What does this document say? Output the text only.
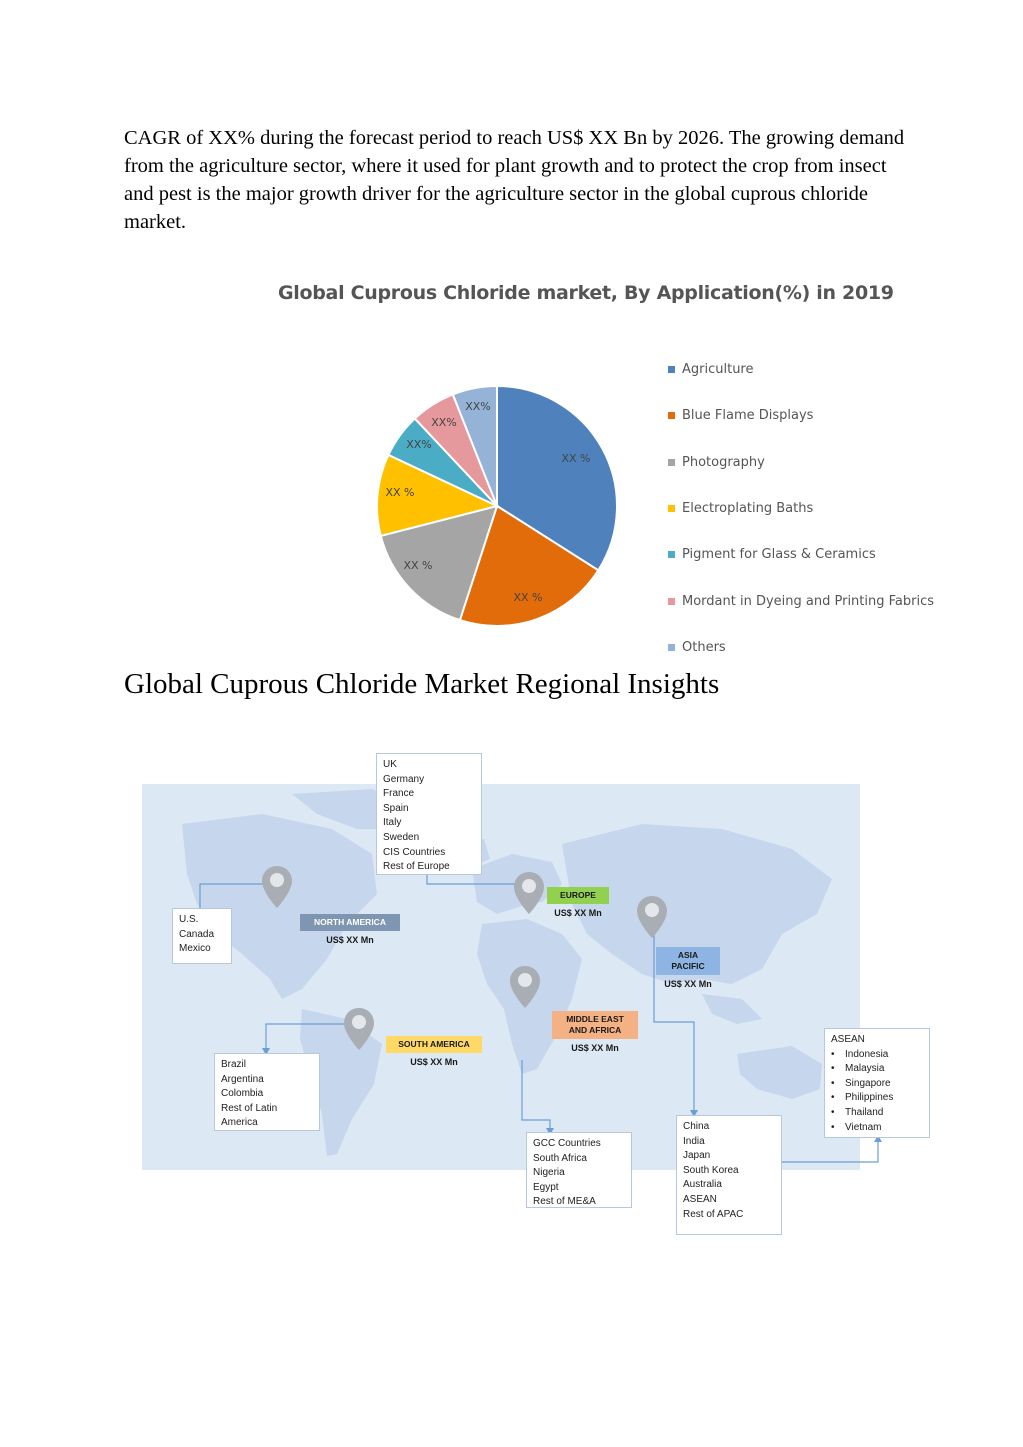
CAGR of XX% during the forecast period to reach US$ XX Bn by 2026. The growing demand from the agriculture sector, where it used for plant growth and to protect the crop from insect and pest is the major growth driver for the agriculture sector in the global cuprous chloride market.

Global Cuprous Chloride market, By Application(%) in 2019
XX %
XX %
XX %
XX %
XX%
XX%
XX%
Agriculture
Blue Flame Displays
Photography
Electroplating Baths
Pigment for Glass & Ceramics
Mordant in Dyeing and Printing Fabrics
Others
Global Cuprous Chloride Market Regional Insights
NORTH AMERICA
US$ XX Mn
EUROPE
US$ XX Mn
ASIA PACIFIC
US$ XX Mn
MIDDLE EAST AND AFRICA
US$ XX Mn
SOUTH AMERICA
US$ XX Mn
UK
Germany
France
Spain
Italy
Sweden
CIS Countries
Rest of Europe
U.S.
Canada
Mexico
Brazil
Argentina
Colombia
Rest of Latin
America
GCC Countries
South Africa
Nigeria
Egypt
Rest of ME&A
China
India
Japan
South Korea
Australia
ASEAN
Rest of APAC
ASEAN
• Indonesia
• Malaysia
• Singapore
• Philippines
• Thailand
• Vietnam
